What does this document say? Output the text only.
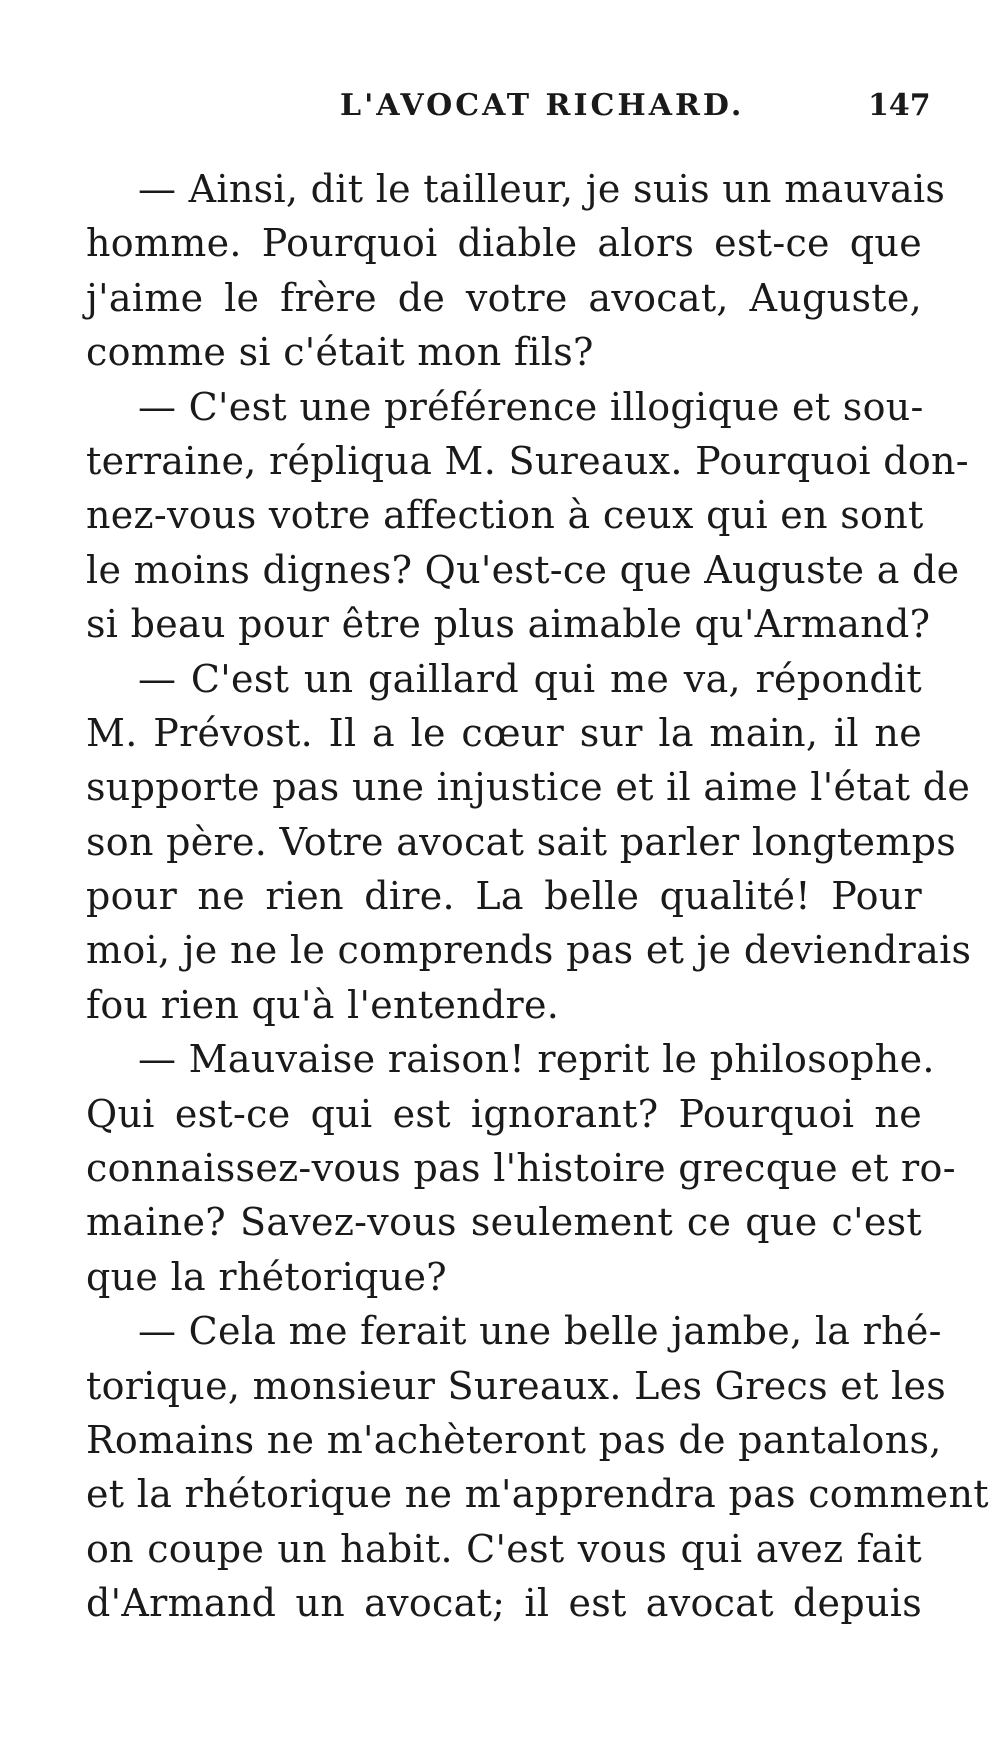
L'AVOCAT RICHARD.	147
— Ainsi, dit le tailleur, je suis un mauvais
homme. Pourquoi diable alors est-ce que
j'aime le frère de votre avocat, Auguste,
comme si c'était mon fils?
— C'est une préférence illogique et sou-
terraine, répliqua M. Sureaux. Pourquoi don-
nez-vous votre affection à ceux qui en sont
le moins dignes? Qu'est-ce que Auguste a de
si beau pour être plus aimable qu'Armand?
— C'est un gaillard qui me va, répondit
M. Prévost. Il a le cœur sur la main, il ne
supporte pas une injustice et il aime l'état de
son père. Votre avocat sait parler longtemps
pour ne rien dire. La belle qualité! Pour
moi, je ne le comprends pas et je deviendrais
fou rien qu'à l'entendre.
— Mauvaise raison! reprit le philosophe.
Qui est-ce qui est ignorant? Pourquoi ne
connaissez-vous pas l'histoire grecque et ro-
maine? Savez-vous seulement ce que c'est
que la rhétorique?
— Cela me ferait une belle jambe, la rhé-
torique, monsieur Sureaux. Les Grecs et les
Romains ne m'achèteront pas de pantalons,
et la rhétorique ne m'apprendra pas comment
on coupe un habit. C'est vous qui avez fait
d'Armand un avocat; il est avocat depuis
